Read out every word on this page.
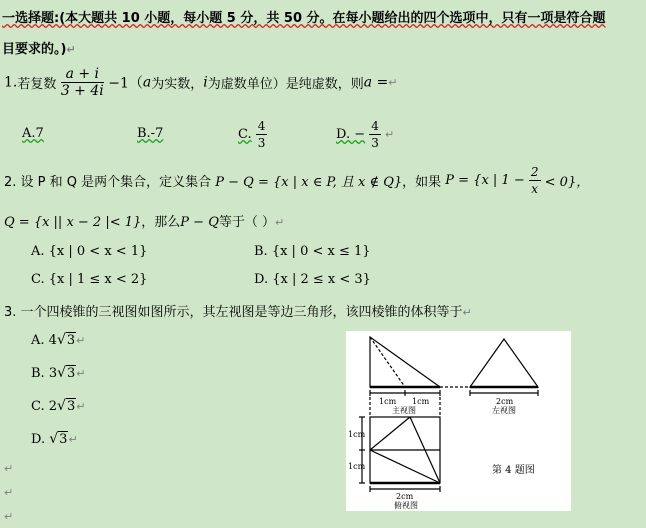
一选择题:(本大题共 10 小题，每小题 5 分，共 50 分。在每小题给出的四个选项中，只有一项是符合题
目要求的。)↵
1.若复数 $\frac{a + i}{3 + 4i} -1(a$为实数，i为虚数单位）是纯虚数，则a =↵
A.7	B.-7	C. $\frac{4}{3}$	D. − $\frac{4}{3}$ ↵
2. 设 P 和 Q 是两个集合，定义集合 P − Q = {x | x ∈ P, 且 x ∉ Q}，如果 P = {x | $1 - \frac{2}{x} < 0$}，
Q = {x || x − 2 |< 1}，那么P − Q等于（ ）↵
A. {x | 0 < x < 1}	B. {x | 0 < x ≤ 1}
C. {x | 1 ≤ x < 2}	D. {x | 2 ≤ x < 3}
3. 一个四棱锥的三视图如图所示，其左视图是等边三角形，该四棱锥的体积等于↵
A. 4√3↵
B. 3√3↵
C. 2√3↵
D. √3↵
↵
↵
↵
1cm 1cm
主视图
2cm
左视图
1cm
1cm
2cm
俯视图
第 4 题图
